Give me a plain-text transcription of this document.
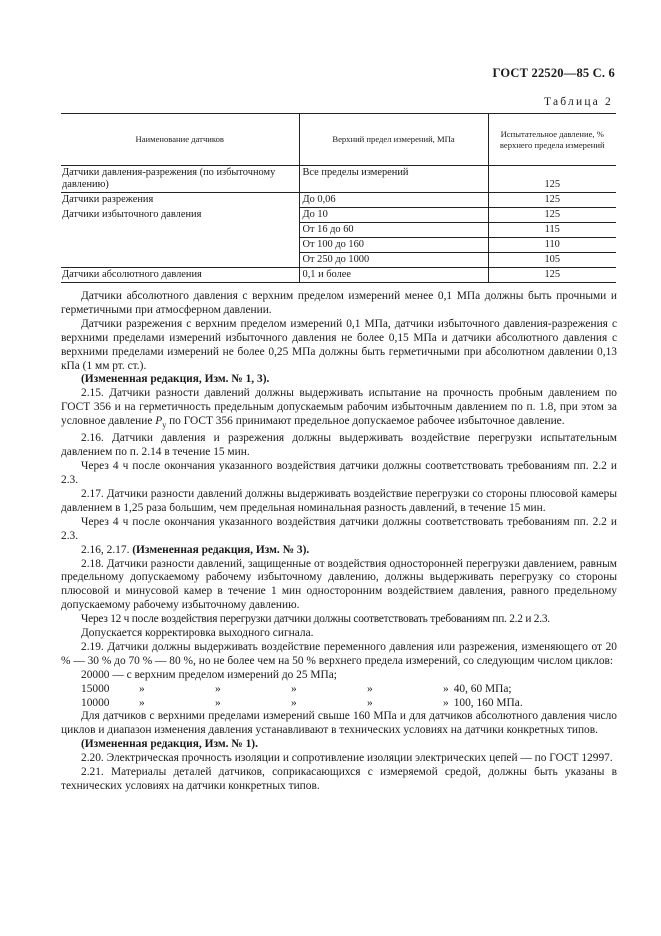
ГОСТ 22520—85 С. 6
Таблица 2
Наименование датчиков	Верхний предел измерений, МПа	Испытательное давление, % верхнего предела измерений
Датчики давления-разрежения (по избыточному давлению)	Все пределы измерений	125
Датчики разрежения	До 0,06	125
Датчики избыточного давления	До 10	125
	От 16 до 60	115
	От 100 до 160	110
	От 250 до 1000	105
Датчики абсолютного давления	0,1 и более	125

Датчики абсолютного давления с верхним пределом измерений менее 0,1 МПа должны быть прочными и герметичными при атмосферном давлении.

Датчики разрежения с верхним пределом измерений 0,1 МПа, датчики избыточного давления-разрежения с верхними пределами измерений избыточного давления не более 0,15 МПа и датчики абсолютного давления с верхними пределами измерений не более 0,25 МПа должны быть герметичными при абсолютном давлении 0,13 кПа (1 мм рт. ст.).

(Измененная редакция, Изм. № 1, 3).

2.15. Датчики разности давлений должны выдерживать испытание на прочность пробным давлением по ГОСТ 356 и на герметичность предельным допускаемым рабочим избыточным давлением по п. 1.8, при этом за условное давление $P_у$ по ГОСТ 356 принимают предельное допускаемое рабочее избыточное давление.

2.16. Датчики давления и разрежения должны выдерживать воздействие перегрузки испытательным давлением по п. 2.14 в течение 15 мин.

Через 4 ч после окончания указанного воздействия датчики должны соответствовать требованиям пп. 2.2 и 2.3.

2.17. Датчики разности давлений должны выдерживать воздействие перегрузки со стороны плюсовой камеры давлением в 1,25 раза большим, чем предельная номинальная разность давлений, в течение 15 мин.

Через 4 ч после окончания указанного воздействия датчики должны соответствовать требованиям пп. 2.2 и 2.3.

2.16, 2.17. (Измененная редакция, Изм. № 3).

2.18. Датчики разности давлений, защищенные от воздействия односторонней перегрузки давлением, равным предельному допускаемому рабочему избыточному давлению, должны выдерживать перегрузку со стороны плюсовой и минусовой камер в течение 1 мин односторонним воздействием давления, равного предельному допускаемому рабочему избыточному давлению.

Через 12 ч после воздействия перегрузки датчики должны соответствовать требованиям пп. 2.2 и 2.3.

Допускается корректировка выходного сигнала.

2.19. Датчики должны выдерживать воздействие переменного давления или разрежения, изменяющего от 20 % — 30 % до 70 % — 80 %, но не более чем на 50 % верхнего предела измерений, со следующим числом циклов:

20000 — с верхним пределом измерений до 25 МПа;
15000	»	»	»	»	» 40, 60 МПа;
10000	»	»	»	»	» 100, 160 МПа.

Для датчиков с верхними пределами измерений свыше 160 МПа и для датчиков абсолютного давления число циклов и диапазон изменения давления устанавливают в технических условиях на датчики конкретных типов.

(Измененная редакция, Изм. № 1).

2.20. Электрическая прочность изоляции и сопротивление изоляции электрических цепей — по ГОСТ 12997.

2.21. Материалы деталей датчиков, соприкасающихся с измеряемой средой, должны быть указаны в технических условиях на датчики конкретных типов.
